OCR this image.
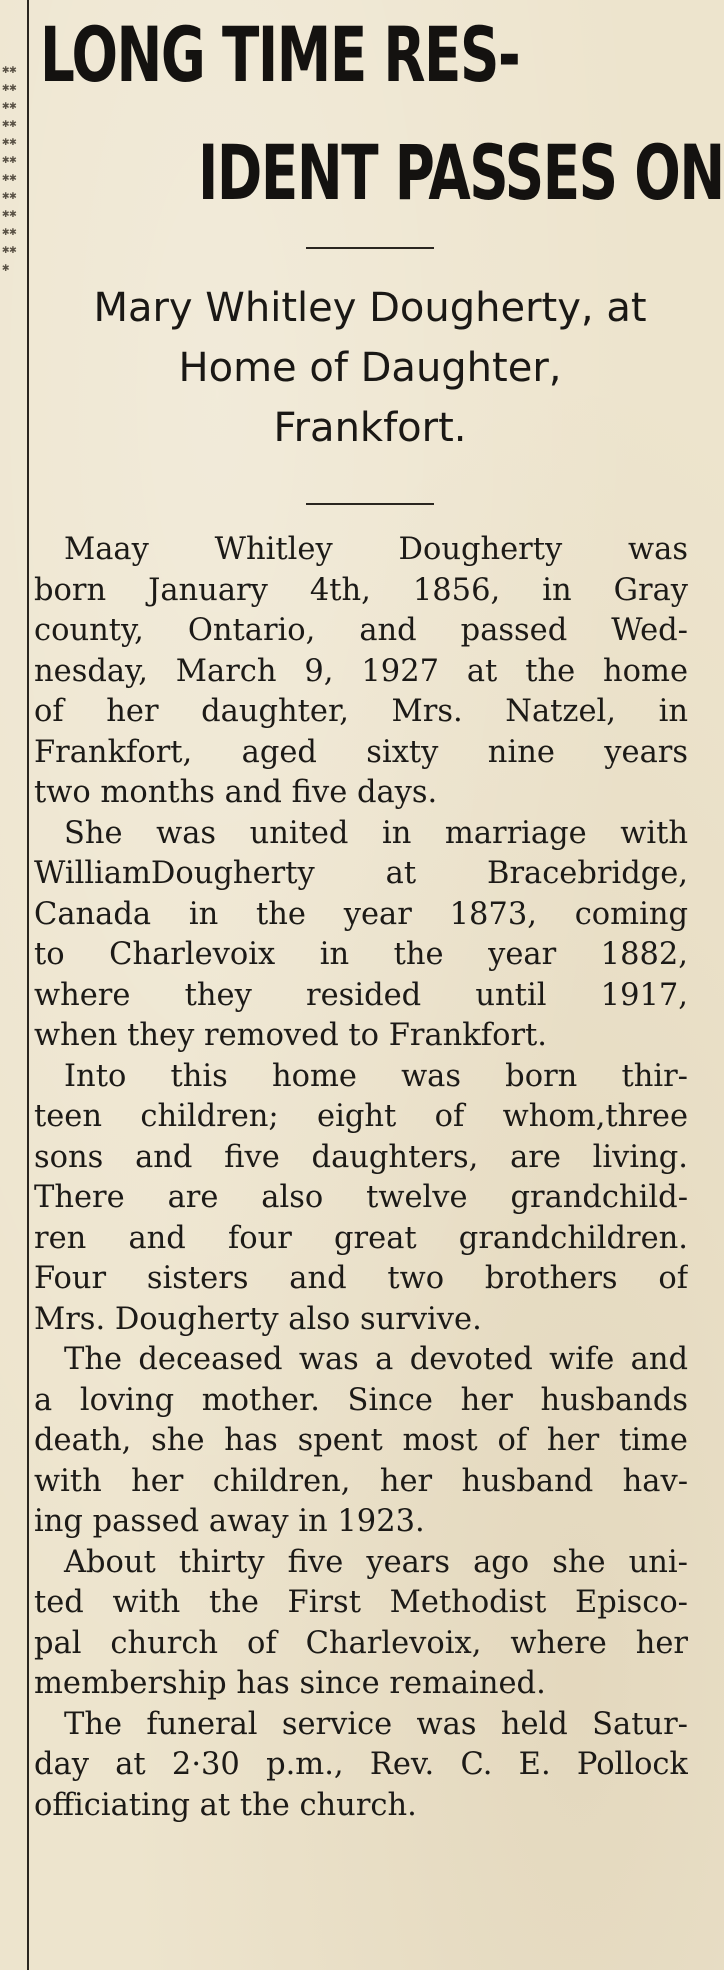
✱✱✱✱✱✱✱✱✱✱✱✱✱✱✱✱✱✱✱✱✱✱✱
LONG TIME RES-
IDENT PASSES ON
Mary Whitley Dougherty, at
Home of Daughter,
Frankfort.
Maay Whitley Dougherty was
born January 4th, 1856, in Gray
county, Ontario, and passed Wed-
nesday, March 9, 1927 at the home
of her daughter, Mrs. Natzel, in
Frankfort, aged sixty nine years
two months and five days.
She was united in marriage with
WilliamDougherty at Bracebridge,
Canada in the year 1873, coming
to Charlevoix in the year 1882,
where they resided until 1917,
when they removed to Frankfort.
Into this home was born thir-
teen children; eight of whom,three
sons and five daughters, are living.
There are also twelve grandchild-
ren and four great grandchildren.
Four sisters and two brothers of
Mrs. Dougherty also survive.
The deceased was a devoted wife and
a loving mother. Since her husbands
death, she has spent most of her time
with her children, her husband hav-
ing passed away in 1923.
About thirty five years ago she uni-
ted with the First Methodist Episco-
pal church of Charlevoix, where her
membership has since remained.
The funeral service was held Satur-
day at 2·30 p.m., Rev. C. E. Pollock
officiating at the church.
